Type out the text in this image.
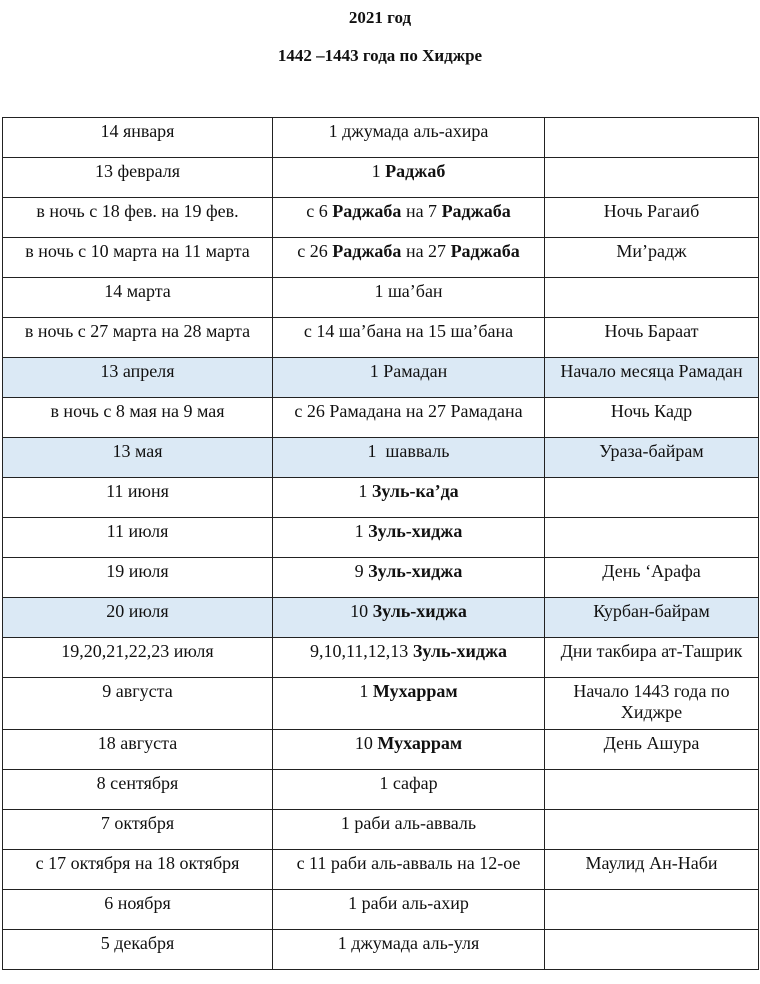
2021 год
1442 –1443 года по Хиджре
14 января	1 джумада аль-ахира	
13 февраля	1 Раджаб	
в ночь с 18 фев. на 19 фев.	с 6 Раджаба на 7 Раджаба	Ночь Рагаиб
в ночь с 10 марта на 11 марта	с 26 Раджаба на 27 Раджаба	Ми’радж
14 марта	1 ша’бан	
в ночь с 27 марта на 28 марта	с 14 ша’бана на 15 ша’бана	Ночь Бараат
13 апреля	1 Рамадан	Начало месяца Рамадан
в ночь с 8 мая на 9 мая	с 26 Рамадана на 27 Рамадана	Ночь Кадр
13 мая	1  шавваль	Ураза-байрам
11 июня	1 Зуль-ка’да	
11 июля	1 Зуль-хиджа	
19 июля	9 Зуль-хиджа	День ‘Арафа
20 июля	10 Зуль-хиджа	Курбан-байрам
19,20,21,22,23 июля	9,10,11,12,13 Зуль-хиджа	Дни такбира ат-Ташрик
9 августа	1 Мухаррам	Начало 1443 года по Хиджре
18 августа	10 Мухаррам	День Ашура
8 сентября	1 сафар	
7 октября	1 раби аль-авваль	
с 17 октября на 18 октября	с 11 раби аль-авваль на 12-ое	Маулид Ан-Наби
6 ноября	1 раби аль-ахир	
5 декабря	1 джумада аль-уля	
